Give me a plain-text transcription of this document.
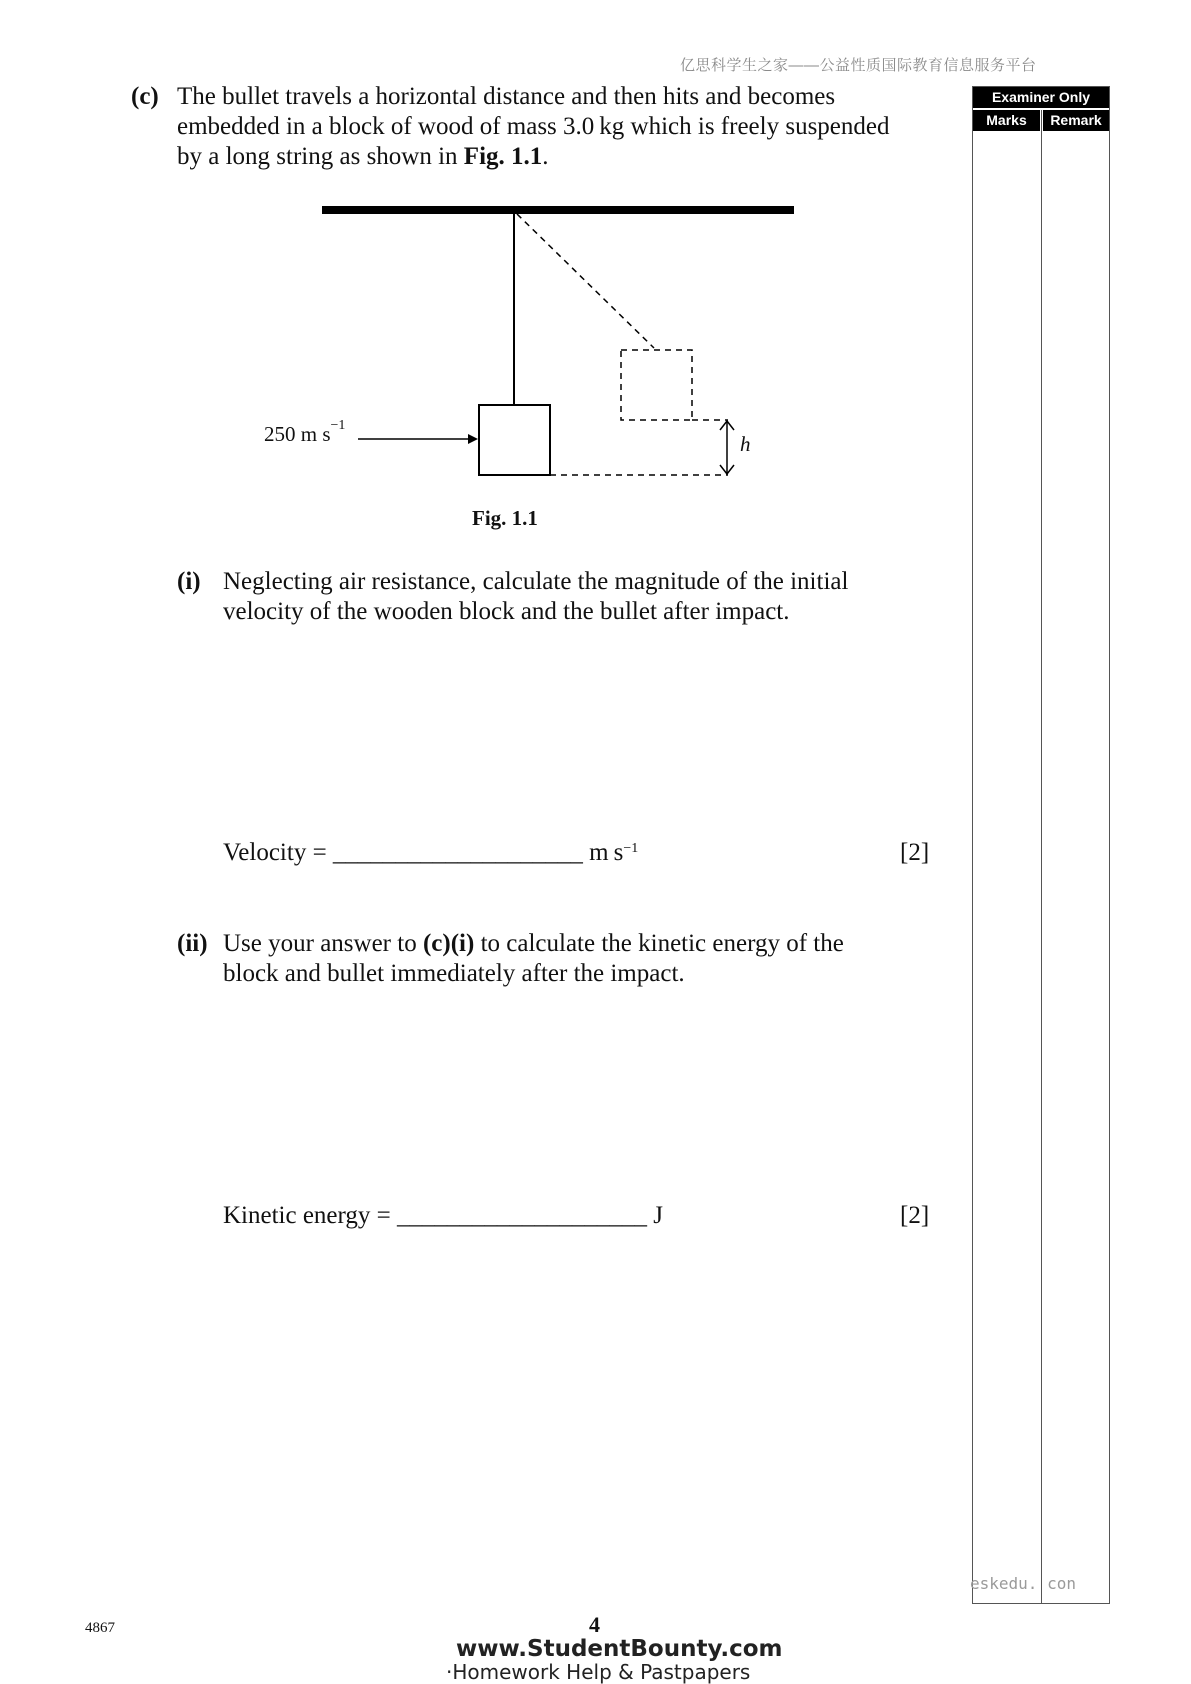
亿思科学生之家——公益性质国际教育信息服务平台
(c) The bullet travels a horizontal distance and then hits and becomes
embedded in a block of wood of mass 3.0 kg which is freely suspended
by a long string as shown in Fig. 1.1.
250 m $s^{-1}$
h
Fig. 1.1
(i) Neglecting air resistance, calculate the magnitude of the initial
velocity of the wooden block and the bullet after impact.
Velocity = ____________________ m $s^{-1}$	[2]
(ii) Use your answer to (c)(i) to calculate the kinetic energy of the
block and bullet immediately after the impact.
Kinetic energy = ____________________ J	[2]
Examiner Only
Marks	Remark
eskedu. con
4867	4
www.StudentBounty.com
·Homework Help & Pastpapers
